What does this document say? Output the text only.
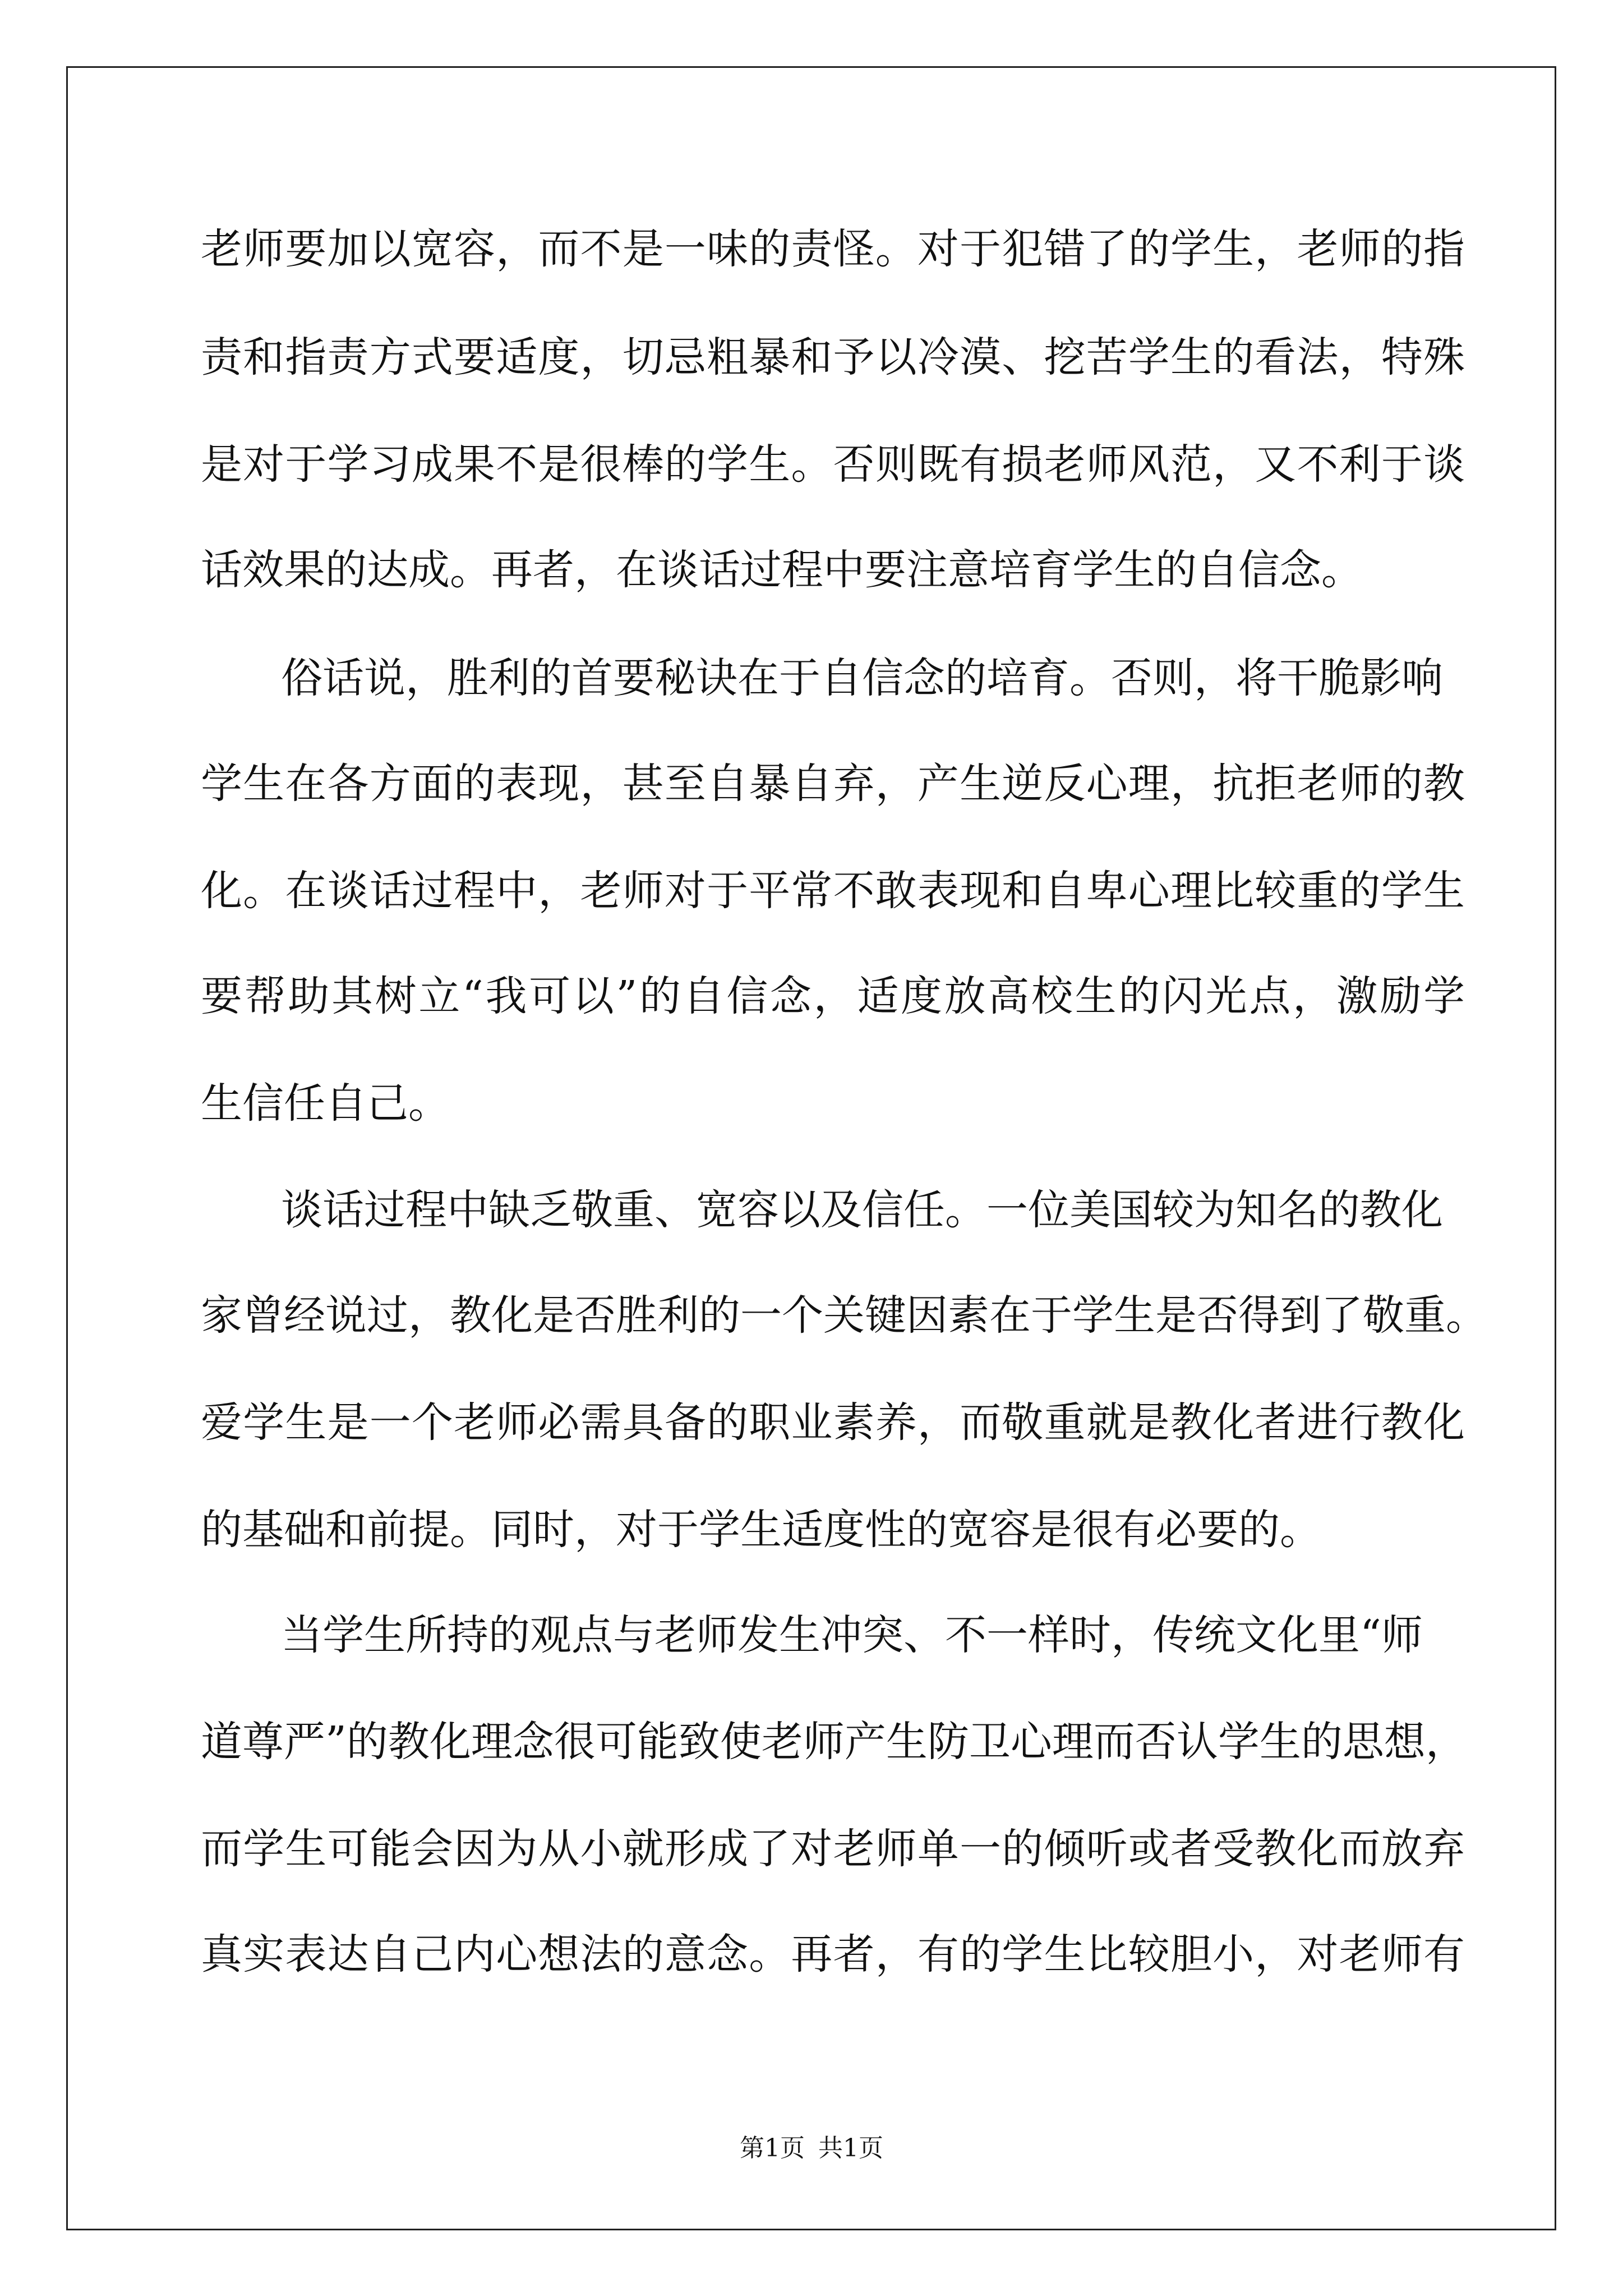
老师要加以宽容，而不是一味的责怪。对于犯错了的学生，老师的指
责和指责方式要适度，切忌粗暴和予以冷漠、挖苦学生的看法，特殊
是对于学习成果不是很棒的学生。否则既有损老师风范，又不利于谈
话效果的达成。再者，在谈话过程中要注意培育学生的自信念。
俗话说，胜利的首要秘诀在于自信念的培育。否则，将干脆影响
学生在各方面的表现，甚至自暴自弃，产生逆反心理，抗拒老师的教
化。在谈话过程中，老师对于平常不敢表现和自卑心理比较重的学生
要帮助其树立“我可以”的自信念，适度放高校生的闪光点，激励学
生信任自己。
谈话过程中缺乏敬重、宽容以及信任。一位美国较为知名的教化
家曾经说过，教化是否胜利的一个关键因素在于学生是否得到了敬重。
爱学生是一个老师必需具备的职业素养，而敬重就是教化者进行教化
的基础和前提。同时，对于学生适度性的宽容是很有必要的。
当学生所持的观点与老师发生冲突、不一样时，传统文化里“师
道尊严”的教化理念很可能致使老师产生防卫心理而否认学生的思想，
而学生可能会因为从小就形成了对老师单一的倾听或者受教化而放弃
真实表达自己内心想法的意念。再者，有的学生比较胆小，对老师有
第1页 共1页
